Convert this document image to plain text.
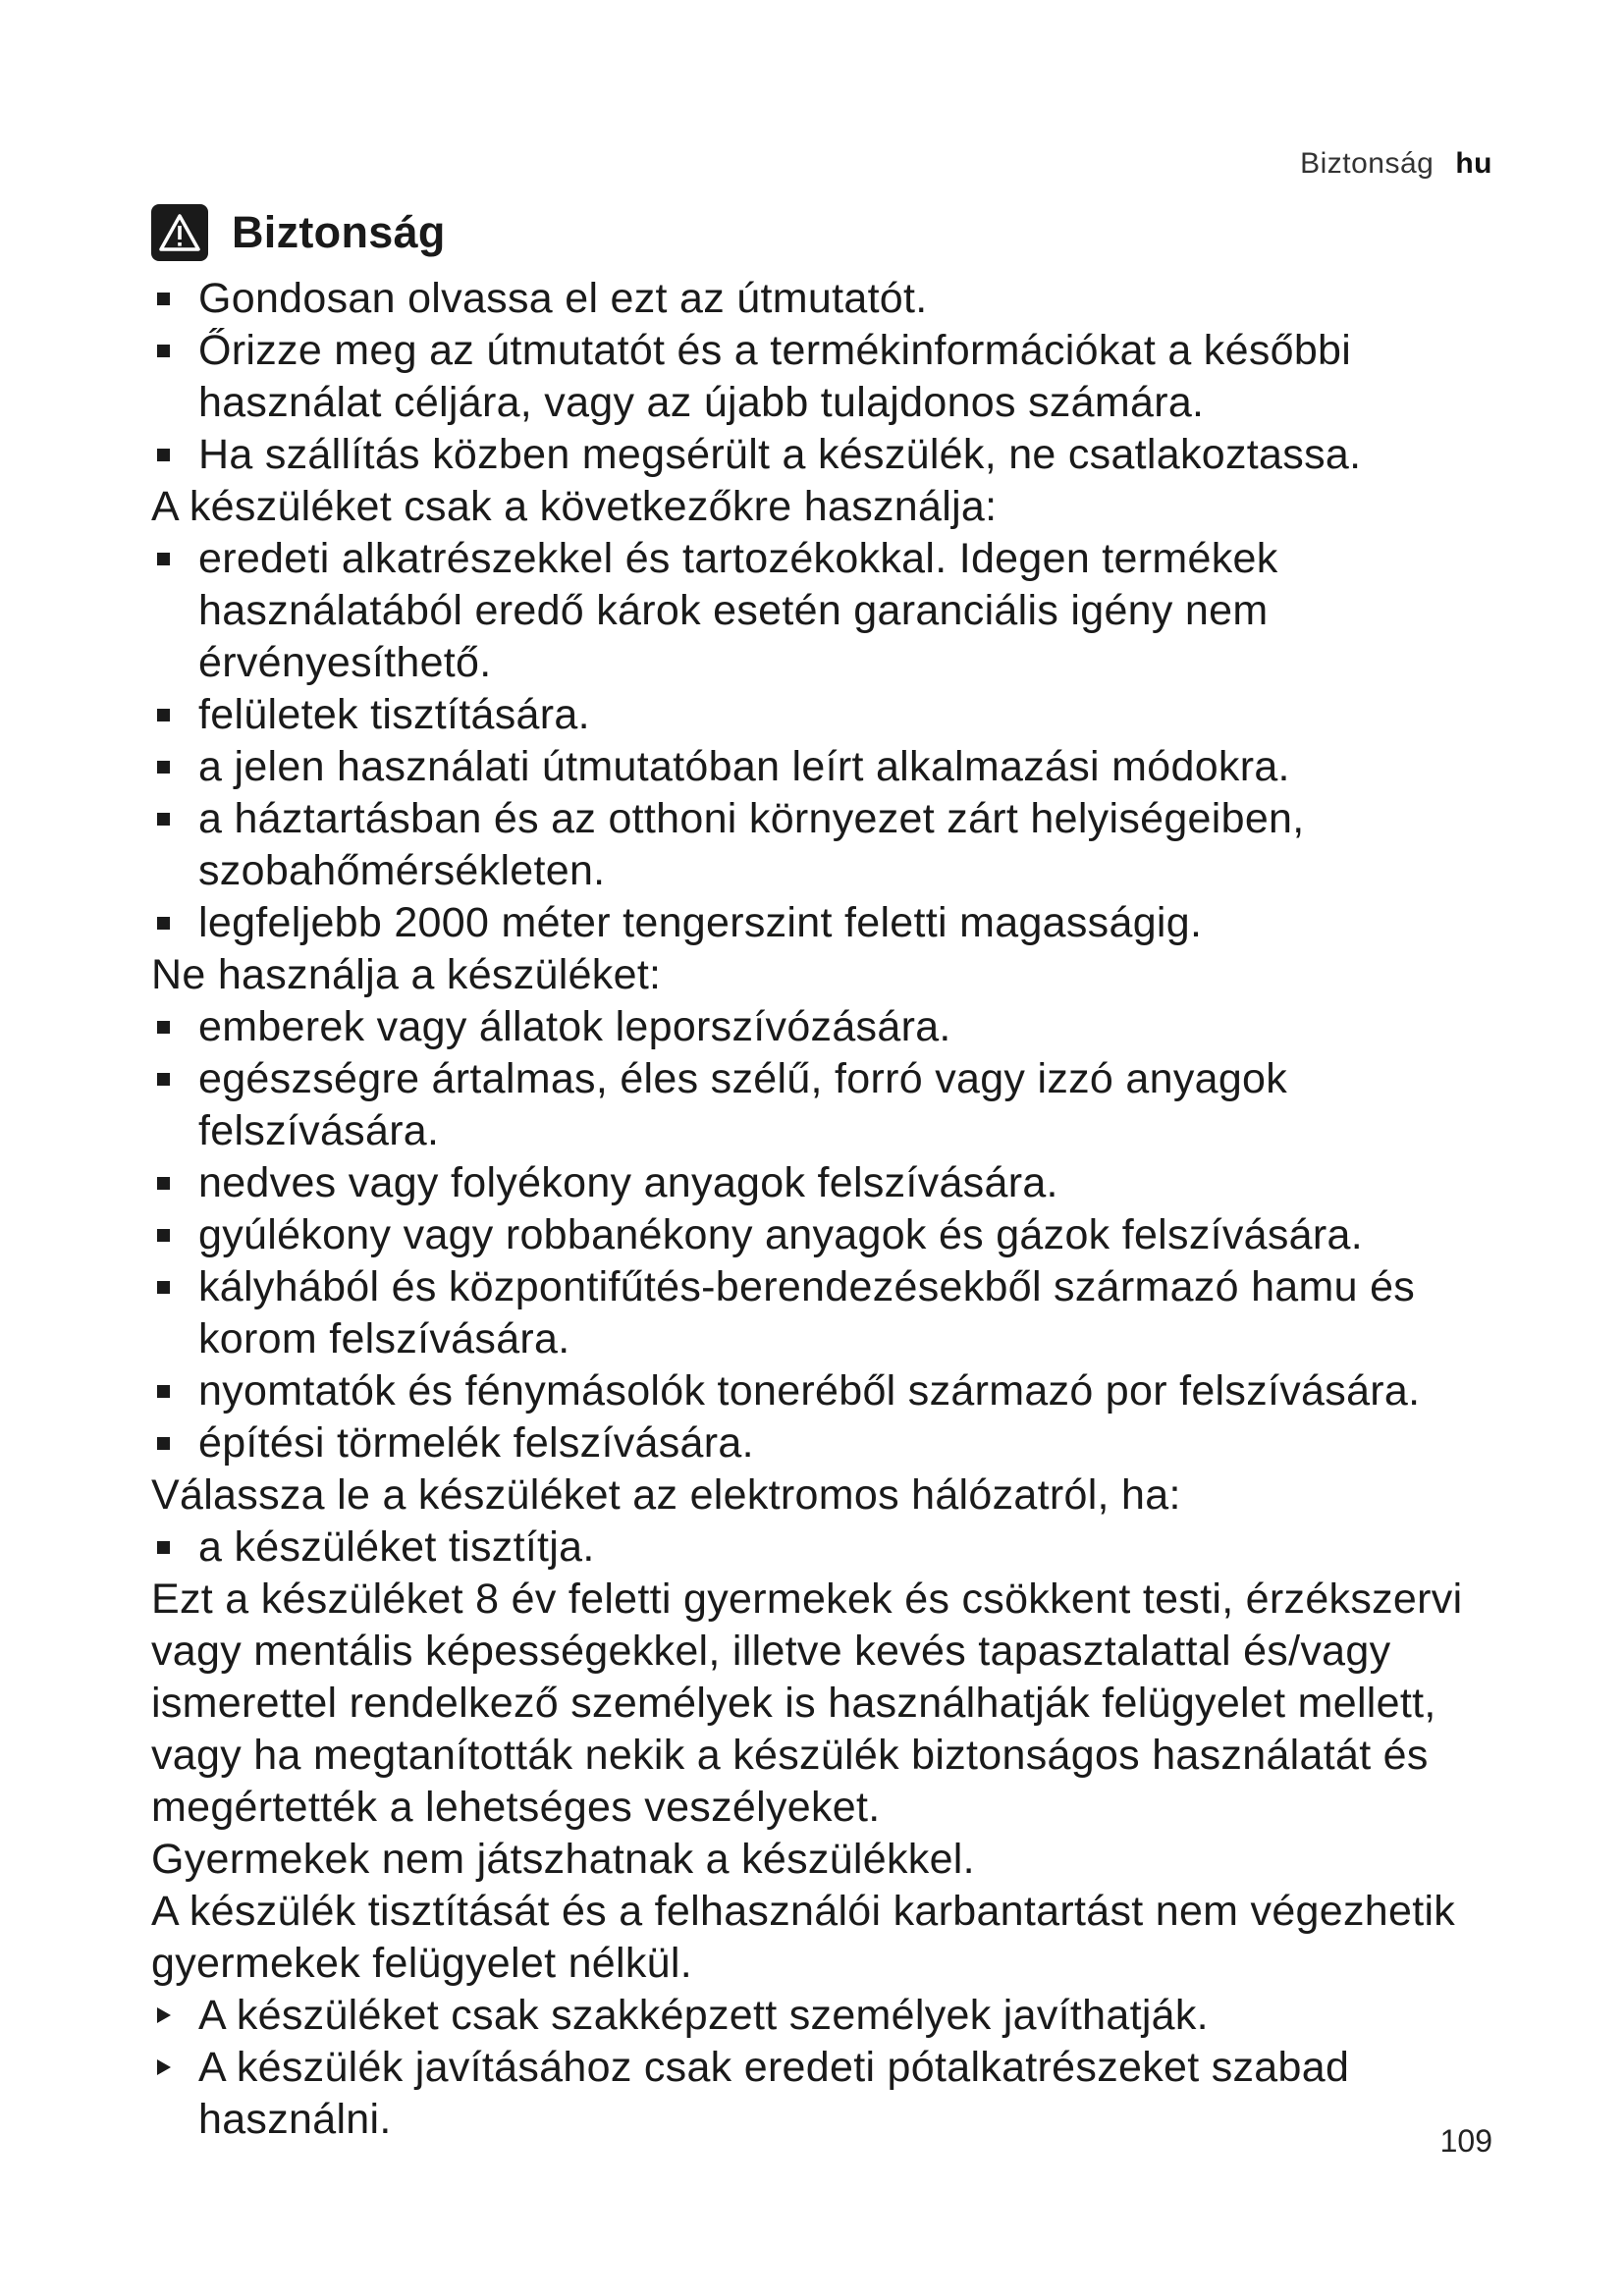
Biztonság hu
Biztonság
Gondosan olvassa el ezt az útmutatót.
Őrizze meg az útmutatót és a termékinformációkat a későbbi használat céljára, vagy az újabb tulajdonos számára.
Ha szállítás közben megsérült a készülék, ne csatlakoztassa.

A készüléket csak a következőkre használja:

eredeti alkatrészekkel és tartozékokkal. Idegen termékek használatából eredő károk esetén garanciális igény nem érvényesíthető.
felületek tisztítására.
a jelen használati útmutatóban leírt alkalmazási módokra.
a háztartásban és az otthoni környezet zárt helyiségeiben, szobahőmérsékleten.
legfeljebb 2000 méter tengerszint feletti magasságig.

Ne használja a készüléket:

emberek vagy állatok leporszívózására.
egészségre ártalmas, éles szélű, forró vagy izzó anyagok felszívására.
nedves vagy folyékony anyagok felszívására.
gyúlékony vagy robbanékony anyagok és gázok felszívására.
kályhából és központifűtés-berendezésekből származó hamu és korom felszívására.
nyomtatók és fénymásolók toneréből származó por felszívására.
építési törmelék felszívására.

Válassza le a készüléket az elektromos hálózatról, ha:

a készüléket tisztítja.

Ezt a készüléket 8 év feletti gyermekek és csökkent testi, érzékszervi vagy mentális képességekkel, illetve kevés tapasztalattal és/vagy ismerettel rendelkező személyek is használhatják felügyelet mellett, vagy ha megtanították nekik a készülék biztonságos használatát és megértették a lehetséges veszélyeket.

Gyermekek nem játszhatnak a készülékkel.

A készülék tisztítását és a felhasználói karbantartást nem végezhetik gyermekek felügyelet nélkül.

A készüléket csak szakképzett személyek javíthatják.
A készülék javításához csak eredeti pótalkatrészeket szabad használni.	109
